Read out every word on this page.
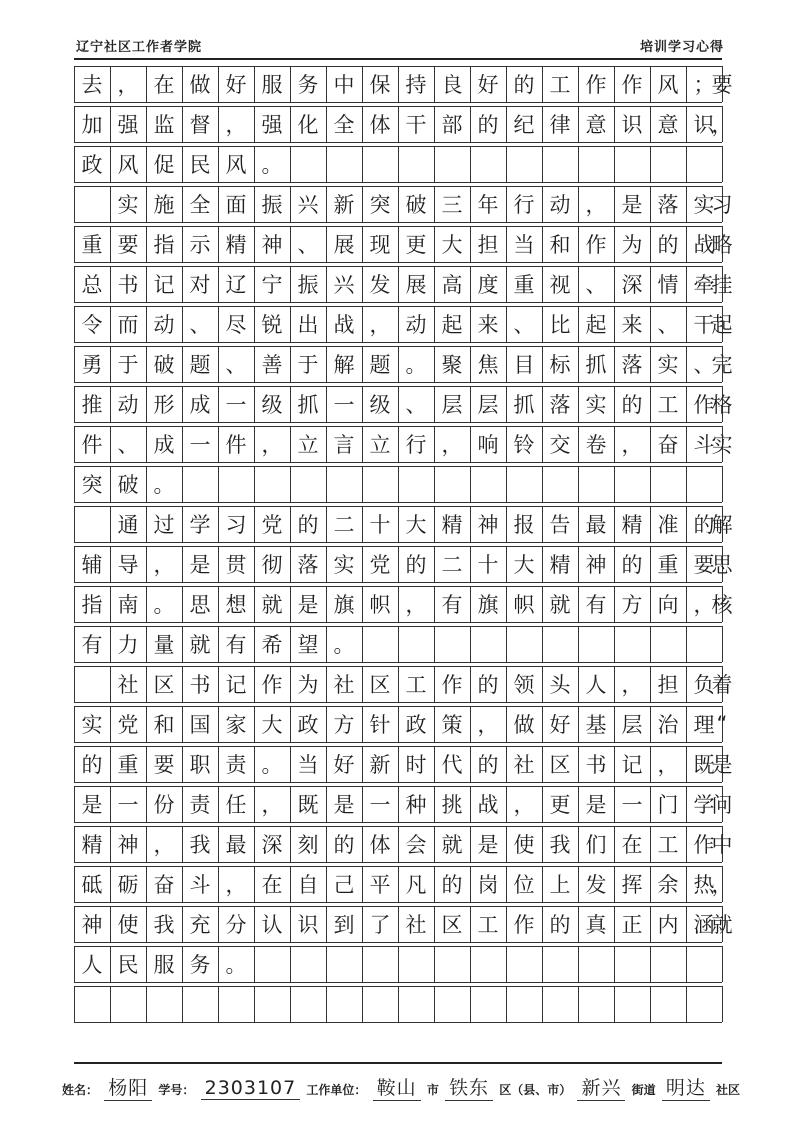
辽宁社区工作者学院	培训学习心得
去 ， 在 做 好 服 务 中 保 持 良 好 的 工 作 作 风 ；
要
加 强 监 督 ， 强 化 全 体 干 部 的 纪 律 意 识 意 识
，
政 风 促 民 风 。
实 施 全 面 振 兴 新 突 破 三 年 行 动 ， 是 落 实
习
重 要 指 示 精 神 、 展 现 更 大 担 当 和 作 为 的 战
略
总 书 记 对 辽 宁 振 兴 发 展 高 度 重 视 、 深 情 牵
挂
令 而 动 、 尽 锐 出 战 ， 动 起 来 、 比 起 来 、 干
起
勇 于 破 题 、 善 于 解 题 。 聚 焦 目 标 抓 落 实 、
完
推 动 形 成 一 级 抓 一 级 、 层 层 抓 落 实 的 工 作
格
件 、 成 一 件 ， 立 言 立 行 ， 响 铃 交 卷 ， 奋 斗
实
突 破 。
通 过 学 习 党 的 二 十 大 精 神 报 告 最 精 准 的
解
辅 导 ， 是 贯 彻 落 实 党 的 二 十 大 精 神 的 重 要
思
指 南 。 思 想 就 是 旗 帜 ， 有 旗 帜 就 有 方 向 ，
核
有 力 量 就 有 希 望 。
社 区 书 记 作 为 社 区 工 作 的 领 头 人 ， 担 负
着
实 党 和 国 家 大 政 方 针 政 策 ， 做 好 基 层 治 理 “
的 重 要 职 责 。 当 好 新 时 代 的 社 区 书 记 ， 既
是
是 一 份 责 任 ， 既 是 一 种 挑 战 ， 更 是 一 门 学
问
精 神 ， 我 最 深 刻 的 体 会 就 是 使 我 们 在 工 作
中
砥 砺 奋 斗 ， 在 自 己 平 凡 的 岗 位 上 发 挥 余 热
，
神 使 我 充 分 认 识 到 了 社 区 工 作 的 真 正 内 涵
就
人 民 服 务 。
姓名： 杨阳 学号： 2303107 工作单位： 鞍山 市 铁东 区（县、市） 新兴 街道 明达 社区
